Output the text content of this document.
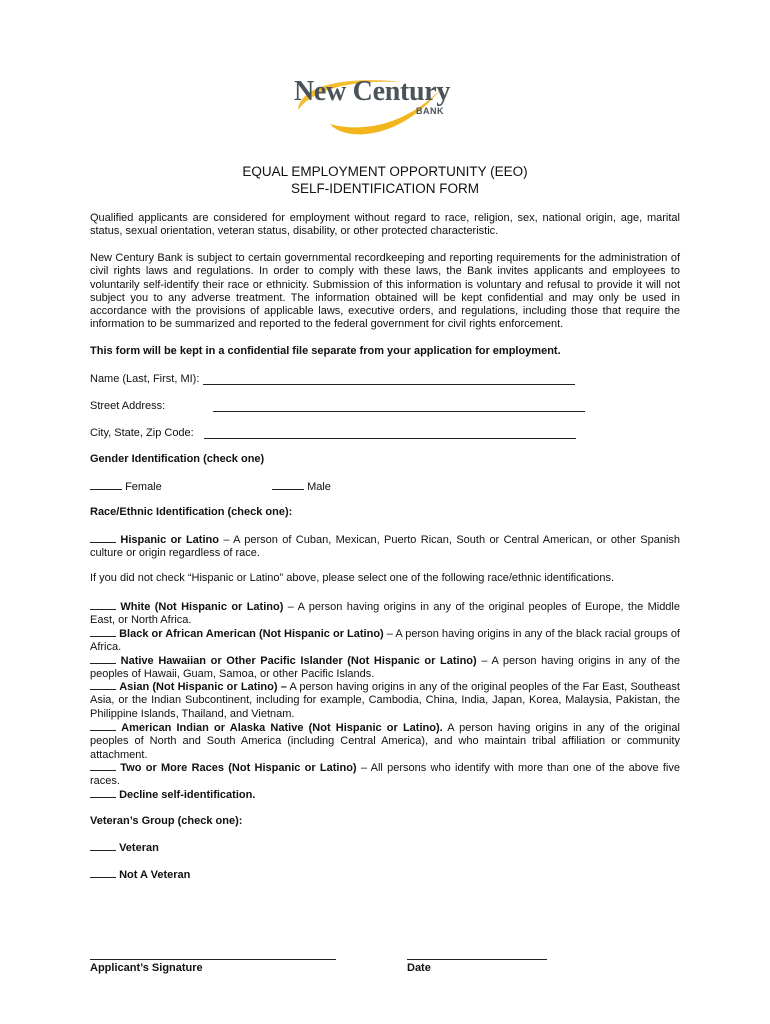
New Century
BANK
EQUAL EMPLOYMENT OPPORTUNITY (EEO)
SELF-IDENTIFICATION FORM
Qualified applicants are considered for employment without regard to race, religion, sex, national origin, age, marital status, sexual orientation, veteran status, disability, or other protected characteristic.
New Century Bank is subject to certain governmental recordkeeping and reporting requirements for the administration of civil rights laws and regulations. In order to comply with these laws, the Bank invites applicants and employees to voluntarily self-identify their race or ethnicity. Submission of this information is voluntary and refusal to provide it will not subject you to any adverse treatment. The information obtained will be kept confidential and may only be used in accordance with the provisions of applicable laws, executive orders, and regulations, including those that require the information to be summarized and reported to the federal government for civil rights enforcement.
This form will be kept in a confidential file separate from your application for employment.
Name (Last, First, MI):
Street Address:
City, State, Zip Code:
Gender Identification (check one)
Female	Male
Race/Ethnic Identification (check one):
Hispanic or Latino – A person of Cuban, Mexican, Puerto Rican, South or Central American, or other Spanish culture or origin regardless of race.
If you did not check “Hispanic or Latino” above, please select one of the following race/ethnic identifications.
White (Not Hispanic or Latino) – A person having origins in any of the original peoples of Europe, the Middle East, or North Africa.
Black or African American (Not Hispanic or Latino) – A person having origins in any of the black racial groups of Africa.
Native Hawaiian or Other Pacific Islander (Not Hispanic or Latino) – A person having origins in any of the peoples of Hawaii, Guam, Samoa, or other Pacific Islands.
Asian (Not Hispanic or Latino) – A person having origins in any of the original peoples of the Far East, Southeast Asia, or the Indian Subcontinent, including for example, Cambodia, China, India, Japan, Korea, Malaysia, Pakistan, the Philippine Islands, Thailand, and Vietnam.
American Indian or Alaska Native (Not Hispanic or Latino). A person having origins in any of the original peoples of North and South America (including Central America), and who maintain tribal affiliation or community attachment.
Two or More Races (Not Hispanic or Latino) – All persons who identify with more than one of the above five races.
Decline self-identification.
Veteran’s Group (check one):
Veteran
Not A Veteran
Applicant’s Signature	Date
